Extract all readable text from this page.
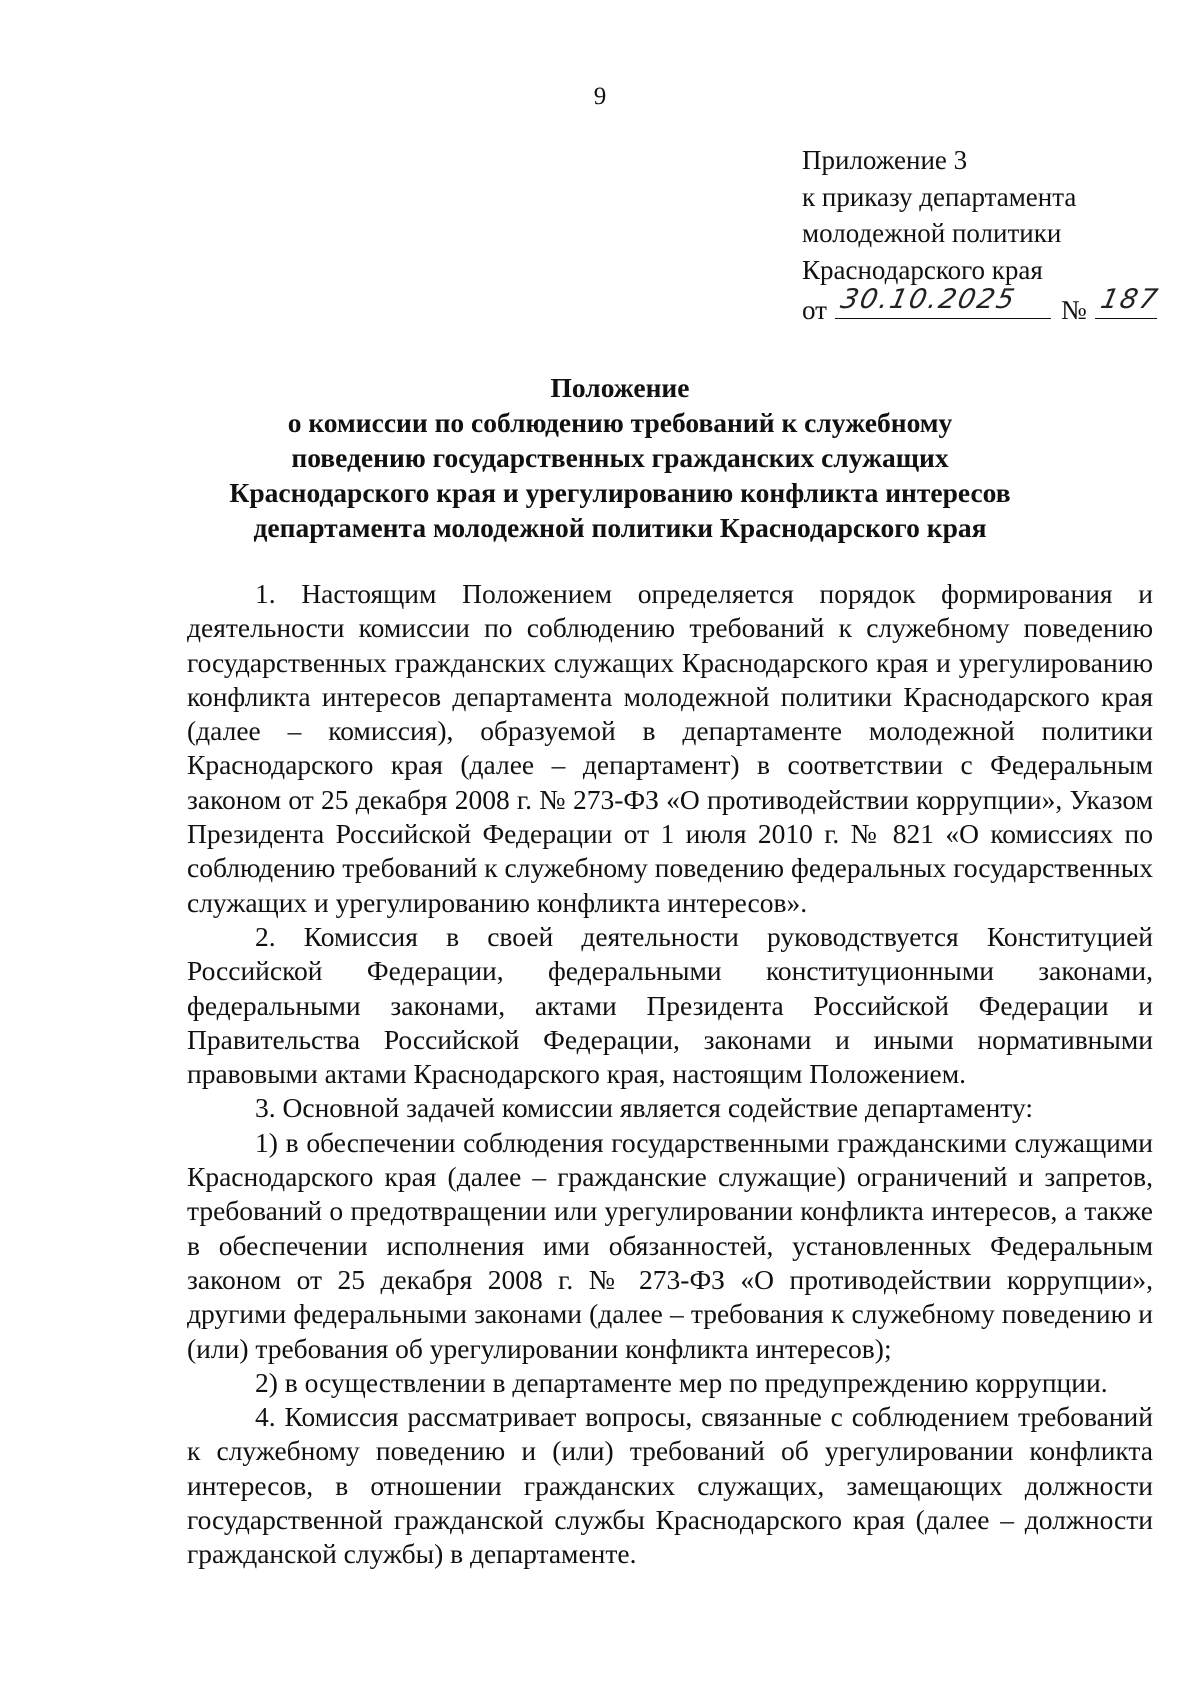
9
Приложение 3
к приказу департамента
молодежной политики
Краснодарского края
от 30.10.2025 № 187
Положение
о комиссии по соблюдению требований к служебному
поведению государственных гражданских служащих
Краснодарского края и урегулированию конфликта интересов
департамента молодежной политики Краснодарского края

1. Настоящим Положением определяется порядок формирования и деятельности комиссии по соблюдению требований к служебному поведению государственных гражданских служащих Краснодарского края и урегулированию конфликта интересов департамента молодежной политики Краснодарского края (далее – комиссия), образуемой в департаменте молодежной политики Краснодарского края (далее – департамент) в соответствии с Федеральным законом от 25 декабря 2008 г. № 273-ФЗ «О противодействии коррупции», Указом Президента Российской Федерации от 1 июля 2010 г. № 821 «О комиссиях по соблюдению требований к служебному поведению федеральных государственных служащих и урегулированию конфликта интересов».

2. Комиссия в своей деятельности руководствуется Конституцией Российской Федерации, федеральными конституционными законами, федеральными законами, актами Президента Российской Федерации и Правительства Российской Федерации, законами и иными нормативными правовыми актами Краснодарского края, настоящим Положением.

3. Основной задачей комиссии является содействие департаменту:

1) в обеспечении соблюдения государственными гражданскими служащими Краснодарского края (далее – гражданские служащие) ограничений и запретов, требований о предотвращении или урегулировании конфликта интересов, а также в обеспечении исполнения ими обязанностей, установленных Федеральным законом от 25 декабря 2008 г. № 273-ФЗ «О противодействии коррупции», другими федеральными законами (далее – требования к служебному поведению и (или) требования об урегулировании конфликта интересов);

2) в осуществлении в департаменте мер по предупреждению коррупции.

4. Комиссия рассматривает вопросы, связанные с соблюдением требований к служебному поведению и (или) требований об урегулировании конфликта интересов, в отношении гражданских служащих, замещающих должности государственной гражданской службы Краснодарского края (далее – должности гражданской службы) в департаменте.
